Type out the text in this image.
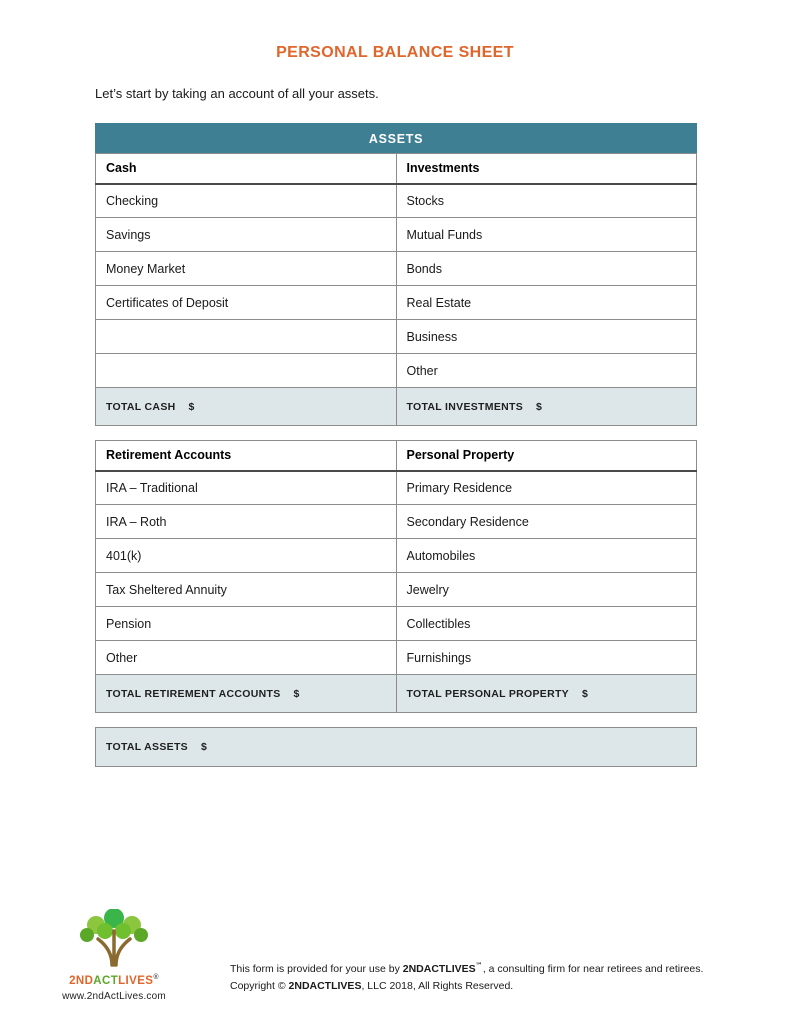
PERSONAL BALANCE SHEET

Let’s start by taking an account of all your assets.

ASSETS	
Cash	Investments
Checking	Stocks
Savings	Mutual Funds
Money Market	Bonds
Certificates of Deposit	Real Estate
	Business
	Other
TOTAL CASH $	TOTAL INVESTMENTS $
Retirement Accounts	Personal Property
IRA – Traditional	Primary Residence
IRA – Roth	Secondary Residence
401(k)	Automobiles
Tax Sheltered Annuity	Jewelry
Pension	Collectibles
Other	Furnishings
TOTAL RETIREMENT ACCOUNTS $	TOTAL PERSONAL PROPERTY $
TOTAL ASSETS $
2NDACTLIVES®
www.2ndActLives.com
This form is provided for your use by 2NDACTLIVES℠, a consulting firm for near retirees and retirees.
Copyright © 2NDACTLIVES, LLC 2018, All Rights Reserved.
